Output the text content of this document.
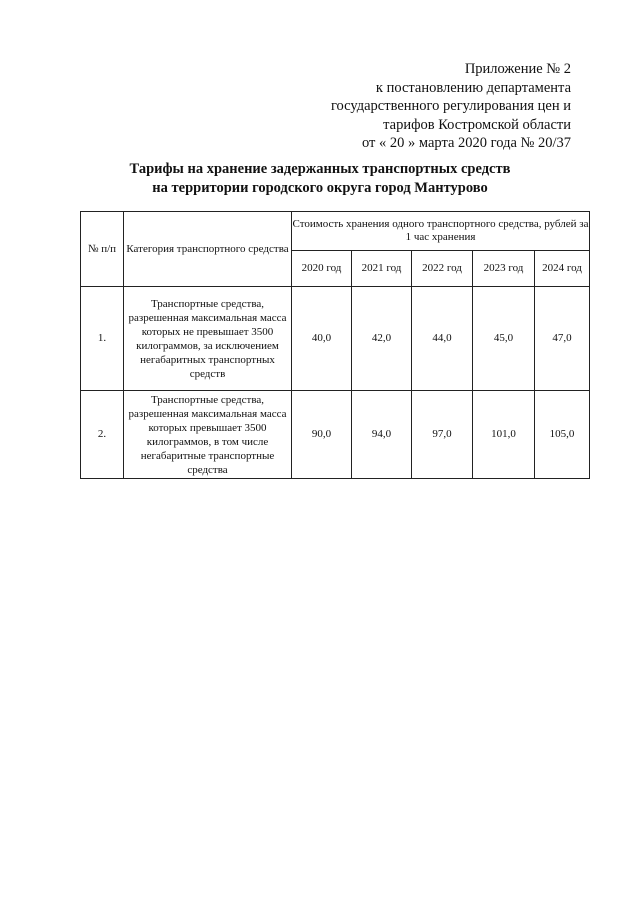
Приложение № 2
к постановлению департамента
государственного регулирования цен и
тарифов Костромской области
от « 20 » марта 2020 года № 20/37
Тарифы на хранение задержанных транспортных средств
на территории городского округа город Мантурово
№ п/п	Категория транспортного средства	Стоимость хранения одного транспортного средства, рублей за 1 час хранения				
		2020 год	2021 год	2022 год	2023 год	2024 год
1.	Транспортные средства, разрешенная максимальная масса которых не превышает 3500 килограммов, за исключением негабаритных транспортных средств	40,0	42,0	44,0	45,0	47,0
2.	Транспортные средства, разрешенная максимальная масса которых превышает 3500 килограммов, в том числе негабаритные транспортные средства	90,0	94,0	97,0	101,0	105,0
